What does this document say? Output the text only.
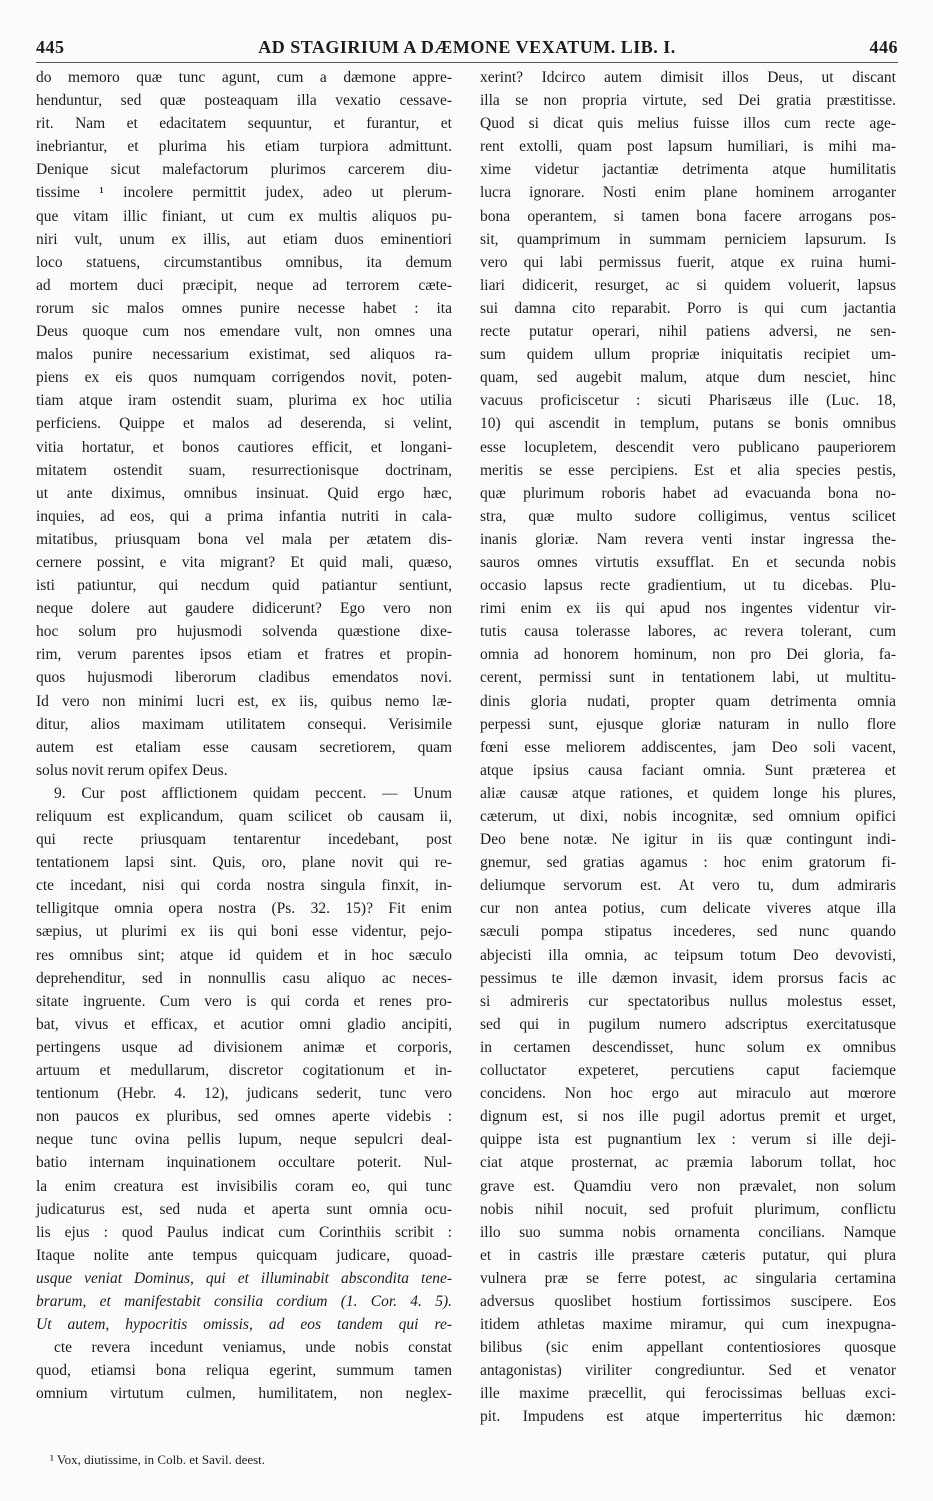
445	AD STAGIRIUM A DÆMONE VEXATUM. LIB. I.	446
do memoro quæ tunc agunt, cum a dæmone appre-
henduntur, sed quæ posteaquam illa vexatio cessave-
rit. Nam et edacitatem sequuntur, et furantur, et
inebriantur, et plurima his etiam turpiora admittunt.
Denique sicut malefactorum plurimos carcerem diu-
tissime ¹ incolere permittit judex, adeo ut plerum-
que vitam illic finiant, ut cum ex multis aliquos pu-
niri vult, unum ex illis, aut etiam duos eminentiori
loco statuens, circumstantibus omnibus, ita demum
ad mortem duci præcipit, neque ad terrorem cæte-
rorum sic malos omnes punire necesse habet : ita
Deus quoque cum nos emendare vult, non omnes una
malos punire necessarium existimat, sed aliquos ra-
piens ex eis quos numquam corrigendos novit, poten-
tiam atque iram ostendit suam, plurima ex hoc utilia
perficiens. Quippe et malos ad deserenda, si velint,
vitia hortatur, et bonos cautiores efficit, et longani-
mitatem ostendit suam, resurrectionisque doctrinam,
ut ante diximus, omnibus insinuat. Quid ergo hæc,
inquies, ad eos, qui a prima infantia nutriti in cala-
mitatibus, priusquam bona vel mala per ætatem dis-
cernere possint, e vita migrant? Et quid mali, quæso,
isti patiuntur, qui necdum quid patiantur sentiunt,
neque dolere aut gaudere didicerunt? Ego vero non
hoc solum pro hujusmodi solvenda quæstione dixe-
rim, verum parentes ipsos etiam et fratres et propin-
quos hujusmodi liberorum cladibus emendatos novi.
Id vero non minimi lucri est, ex iis, quibus nemo læ-
ditur, alios maximam utilitatem consequi. Verisimile
autem est etaliam esse causam secretiorem, quam
solus novit rerum opifex Deus.
9. Cur post afflictionem quidam peccent. — Unum
reliquum est explicandum, quam scilicet ob causam ii,
qui recte priusquam tentarentur incedebant, post
tentationem lapsi sint. Quis, oro, plane novit qui re-
cte incedant, nisi qui corda nostra singula finxit, in-
telligitque omnia opera nostra (Ps. 32. 15)? Fit enim
sæpius, ut plurimi ex iis qui boni esse videntur, pejo-
res omnibus sint; atque id quidem et in hoc sæculo
deprehenditur, sed in nonnullis casu aliquo ac neces-
sitate ingruente. Cum vero is qui corda et renes pro-
bat, vivus et efficax, et acutior omni gladio ancipiti,
pertingens usque ad divisionem animæ et corporis,
artuum et medullarum, discretor cogitationum et in-
tentionum (Hebr. 4. 12), judicans sederit, tunc vero
non paucos ex pluribus, sed omnes aperte videbis :
neque tunc ovina pellis lupum, neque sepulcri deal-
batio internam inquinationem occultare poterit. Nul-
la enim creatura est invisibilis coram eo, qui tunc
judicaturus est, sed nuda et aperta sunt omnia ocu-
lis ejus : quod Paulus indicat cum Corinthiis scribit :
Itaque nolite ante tempus quicquam judicare, quoad-
usque veniat Dominus, qui et illuminabit abscondita tene-
brarum, et manifestabit consilia cordium (1. Cor. 4. 5).
Ut autem, hypocritis omissis, ad eos tandem qui re-
cte revera incedunt veniamus, unde nobis constat
quod, etiamsi bona reliqua egerint, summum tamen
omnium virtutum culmen, humilitatem, non neglex-
xerint? Idcirco autem dimisit illos Deus, ut discant
illa se non propria virtute, sed Dei gratia præstitisse.
Quod si dicat quis melius fuisse illos cum recte age-
rent extolli, quam post lapsum humiliari, is mihi ma-
xime videtur jactantiæ detrimenta atque humilitatis
lucra ignorare. Nosti enim plane hominem arroganter
bona operantem, si tamen bona facere arrogans pos-
sit, quamprimum in summam perniciem lapsurum. Is
vero qui labi permissus fuerit, atque ex ruina humi-
liari didicerit, resurget, ac si quidem voluerit, lapsus
sui damna cito reparabit. Porro is qui cum jactantia
recte putatur operari, nihil patiens adversi, ne sen-
sum quidem ullum propriæ iniquitatis recipiet um-
quam, sed augebit malum, atque dum nesciet, hinc
vacuus proficiscetur : sicuti Pharisæus ille (Luc. 18,
10) qui ascendit in templum, putans se bonis omnibus
esse locupletem, descendit vero publicano pauperiorem
meritis se esse percipiens. Est et alia species pestis,
quæ plurimum roboris habet ad evacuanda bona no-
stra, quæ multo sudore colligimus, ventus scilicet
inanis gloriæ. Nam revera venti instar ingressa the-
sauros omnes virtutis exsufflat. En et secunda nobis
occasio lapsus recte gradientium, ut tu dicebas. Plu-
rimi enim ex iis qui apud nos ingentes videntur vir-
tutis causa tolerasse labores, ac revera tolerant, cum
omnia ad honorem hominum, non pro Dei gloria, fa-
cerent, permissi sunt in tentationem labi, ut multitu-
dinis gloria nudati, propter quam detrimenta omnia
perpessi sunt, ejusque gloriæ naturam in nullo flore
fœni esse meliorem addiscentes, jam Deo soli vacent,
atque ipsius causa faciant omnia. Sunt præterea et
aliæ causæ atque rationes, et quidem longe his plures,
cæterum, ut dixi, nobis incognitæ, sed omnium opifici
Deo bene notæ. Ne igitur in iis quæ contingunt indi-
gnemur, sed gratias agamus : hoc enim gratorum fi-
deliumque servorum est. At vero tu, dum admiraris
cur non antea potius, cum delicate viveres atque illa
sæculi pompa stipatus incederes, sed nunc quando
abjecisti illa omnia, ac teipsum totum Deo devovisti,
pessimus te ille dæmon invasit, idem prorsus facis ac
si admireris cur spectatoribus nullus molestus esset,
sed qui in pugilum numero adscriptus exercitatusque
in certamen descendisset, hunc solum ex omnibus
colluctator expeteret, percutiens caput faciemque
concidens. Non hoc ergo aut miraculo aut mœrore
dignum est, si nos ille pugil adortus premit et urget,
quippe ista est pugnantium lex : verum si ille deji-
ciat atque prosternat, ac præmia laborum tollat, hoc
grave est. Quamdiu vero non prævalet, non solum
nobis nihil nocuit, sed profuit plurimum, conflictu
illo suo summa nobis ornamenta concilians. Namque
et in castris ille præstare cæteris putatur, qui plura
vulnera præ se ferre potest, ac singularia certamina
adversus quoslibet hostium fortissimos suscipere. Eos
itidem athletas maxime miramur, qui cum inexpugna-
bilibus (sic enim appellant contentiosiores quosque
antagonistas) viriliter congrediuntur. Sed et venator
ille maxime præcellit, qui ferocissimas belluas exci-
pit. Impudens est atque imperterritus hic dæmon:
¹ Vox, diutissime, in Colb. et Savil. deest.
